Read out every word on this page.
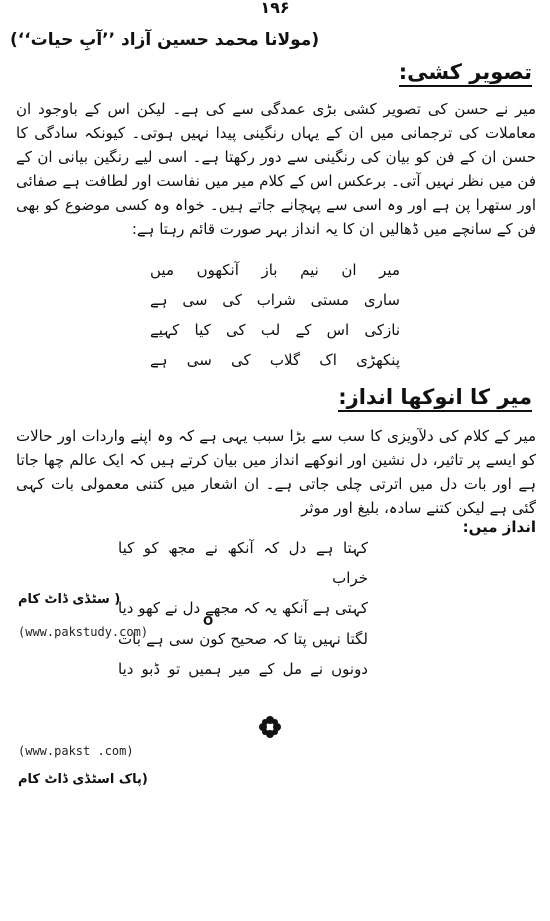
۱۹۶
(مولانا محمد حسین آزاد ’’آبِ حیات‘‘)
تصویر کشی:
میر نے حسن کی تصویر کشی بڑی عمدگی سے کی ہے۔ لیکن اس کے باوجود ان معاملات کی ترجمانی میں ان کے یہاں رنگینی پیدا نہیں ہوتی۔ کیونکہ سادگی کا حسن ان کے فن کو بیان کی رنگینی سے دور رکھتا ہے۔ اسی لیے رنگین بیانی ان کے فن میں نظر نہیں آتی۔ برعکس اس کے کلام میر میں نفاست اور لطافت ہے صفائی اور ستھرا پن ہے اور وہ اسی سے پہچانے جاتے ہیں۔ خواہ وہ کسی موضوع کو بھی فن کے سانچے میں ڈھالیں ان کا یہ انداز بہر صورت قائم رہتا ہے:
میر ان نیم باز آنکھوں میں
ساری مستی شراب کی سی ہے
نازکی اس کے لب کی کیا کہیے
پنکھڑی اک گلاب کی سی ہے
میر کا انوکھا انداز:
میر کے کلام کی دلآویزی کا سب سے بڑا سبب یہی ہے کہ وہ اپنے واردات اور حالات کو ایسے پر تاثیر، دل نشین اور انوکھے انداز میں بیان کرتے ہیں کہ ایک عالم چھا جاتا ہے اور بات دل میں اترتی چلی جاتی ہے۔ ان اشعار میں کتنی معمولی بات کہی گئی ہے لیکن کتنے سادہ، بلیغ اور موثر
انداز میں:
کہتا ہے دل کہ آنکھ نے مجھ کو کیا خراب
کہتی ہے آنکھ یہ کہ مجھے دل نے کھو دیا
O
لگتا نہیں پتا کہ صحیح کون سی ہے بات
دونوں نے مل کے میر ہمیں تو ڈبو دیا
( سٹڈی ڈاٹ کام
(www.pakstudy.com)
(www.pakst .com)
(پاک اسٹڈی ڈاٹ کام
